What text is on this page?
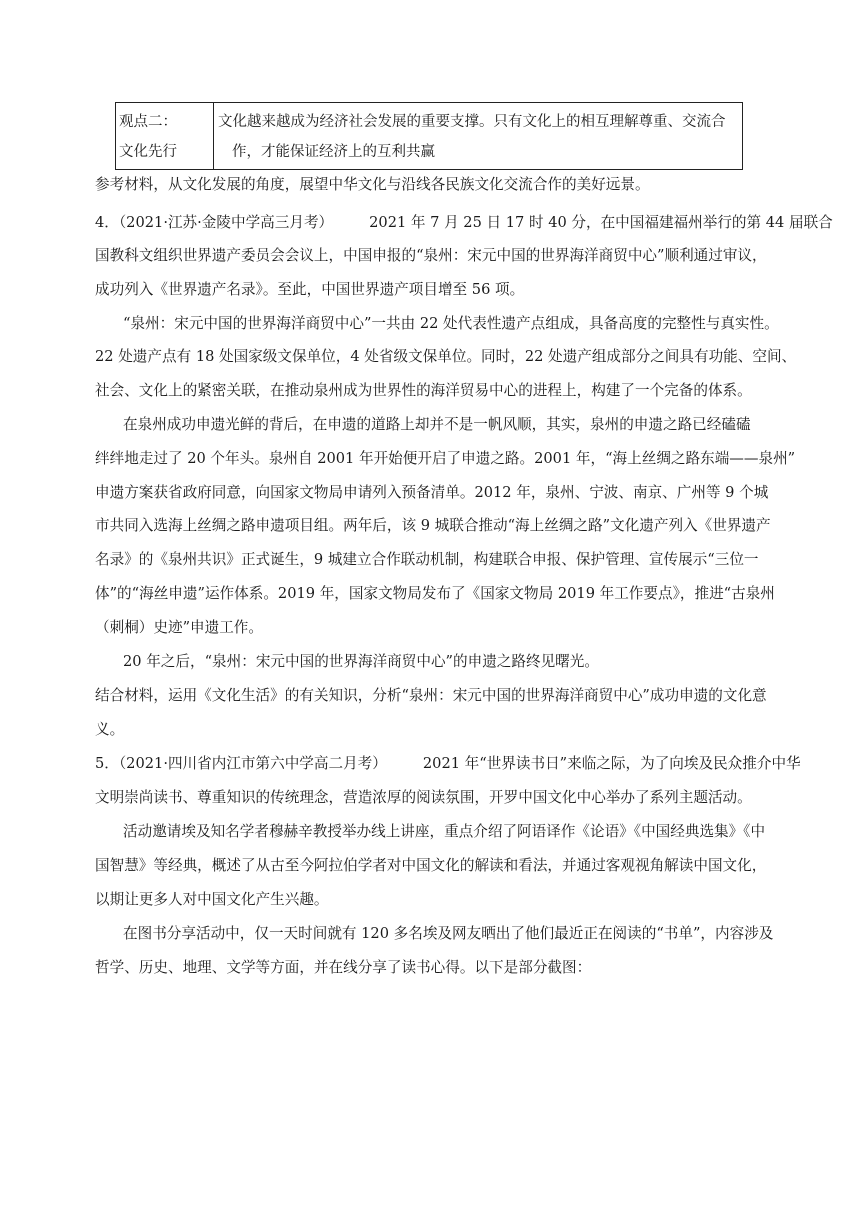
观点二：
文化先行
文化越来越成为经济社会发展的重要支撑。只有文化上的相互理解尊重、交流合
作，才能保证经济上的互利共赢
参考材料，从文化发展的角度，展望中华文化与沿线各民族文化交流合作的美好远景。
4．（2021·江苏·金陵中学高三月考） 2021 年 7 月 25 日 17 时 40 分，在中国福建福州举行的第 44 届联合
国教科文组织世界遗产委员会会议上，中国申报的“泉州：宋元中国的世界海洋商贸中心”顺利通过审议，
成功列入《世界遗产名录》。至此，中国世界遗产项目增至 56 项。
“泉州：宋元中国的世界海洋商贸中心”一共由 22 处代表性遗产点组成，具备高度的完整性与真实性。
22 处遗产点有 18 处国家级文保单位，4 处省级文保单位。同时，22 处遗产组成部分之间具有功能、空间、
社会、文化上的紧密关联，在推动泉州成为世界性的海洋贸易中心的进程上，构建了一个完备的体系。
在泉州成功申遗光鲜的背后，在申遗的道路上却并不是一帆风顺，其实，泉州的申遗之路已经磕磕
绊绊地走过了 20 个年头。泉州自 2001 年开始便开启了申遗之路。2001 年，“海上丝绸之路东端——泉州”
申遗方案获省政府同意，向国家文物局申请列入预备清单。2012 年，泉州、宁波、南京、广州等 9 个城
市共同入选海上丝绸之路申遗项目组。两年后，该 9 城联合推动“海上丝绸之路”文化遗产列入《世界遗产
名录》的《泉州共识》正式诞生，9 城建立合作联动机制，构建联合申报、保护管理、宣传展示“三位一
体”的“海丝申遗”运作体系。2019 年，国家文物局发布了《国家文物局 2019 年工作要点》，推进“古泉州
（刺桐）史迹”申遗工作。
20 年之后，“泉州：宋元中国的世界海洋商贸中心”的申遗之路终见曙光。
结合材料，运用《文化生活》的有关知识，分析“泉州：宋元中国的世界海洋商贸中心”成功申遗的文化意
义。
5．（2021·四川省内江市第六中学高二月考） 2021 年“世界读书日”来临之际，为了向埃及民众推介中华
文明崇尚读书、尊重知识的传统理念，营造浓厚的阅读氛围，开罗中国文化中心举办了系列主题活动。
活动邀请埃及知名学者穆赫辛教授举办线上讲座，重点介绍了阿语译作《论语》《中国经典选集》《中
国智慧》等经典，概述了从古至今阿拉伯学者对中国文化的解读和看法，并通过客观视角解读中国文化，
以期让更多人对中国文化产生兴趣。
在图书分享活动中，仅一天时间就有 120 多名埃及网友晒出了他们最近正在阅读的“书单”，内容涉及
哲学、历史、地理、文学等方面，并在线分享了读书心得。以下是部分截图：
